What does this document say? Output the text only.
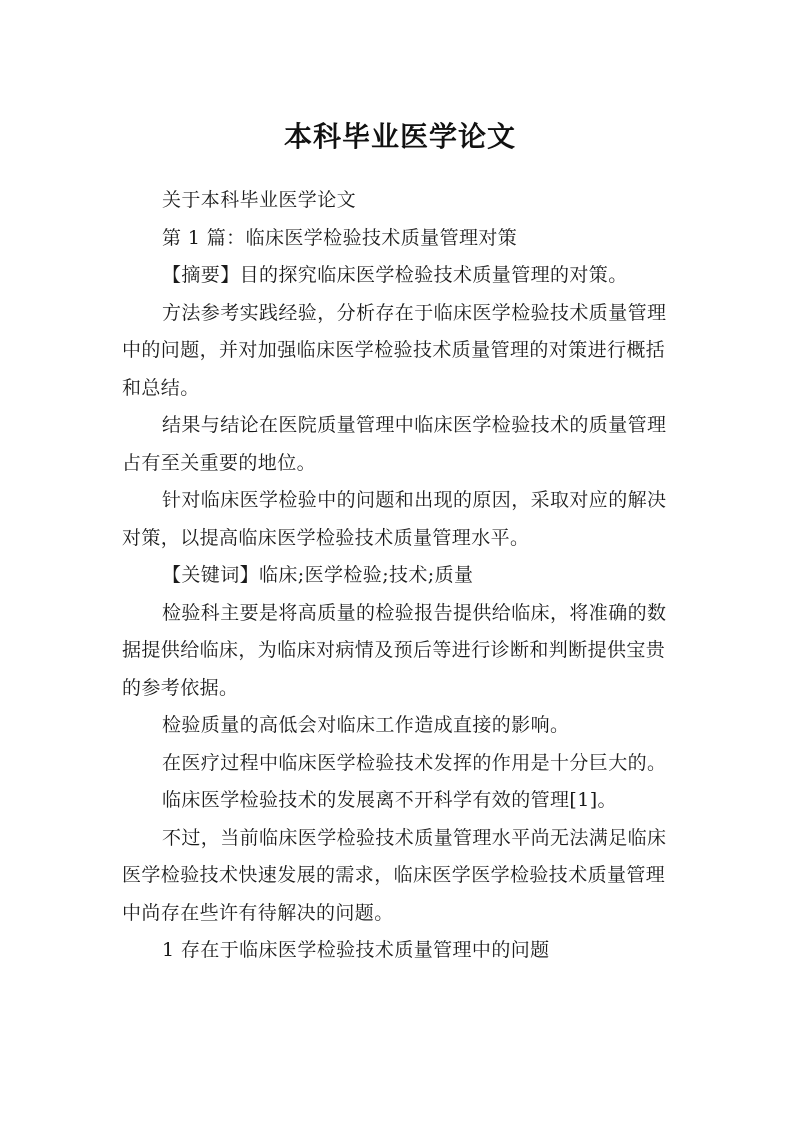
本科毕业医学论文

关于本科毕业医学论文

第 1 篇：临床医学检验技术质量管理对策

【摘要】目的探究临床医学检验技术质量管理的对策。

方法参考实践经验，分析存在于临床医学检验技术质量管理中的问题，并对加强临床医学检验技术质量管理的对策进行概括和总结。

结果与结论在医院质量管理中临床医学检验技术的质量管理占有至关重要的地位。

针对临床医学检验中的问题和出现的原因，采取对应的解决对策，以提高临床医学检验技术质量管理水平。

【关键词】临床;医学检验;技术;质量

检验科主要是将高质量的检验报告提供给临床，将准确的数据提供给临床，为临床对病情及预后等进行诊断和判断提供宝贵的参考依据。

检验质量的高低会对临床工作造成直接的影响。

在医疗过程中临床医学检验技术发挥的作用是十分巨大的。

临床医学检验技术的发展离不开科学有效的管理[1]。

不过，当前临床医学检验技术质量管理水平尚无法满足临床医学检验技术快速发展的需求，临床医学医学检验技术质量管理中尚存在些许有待解决的问题。

1 存在于临床医学检验技术质量管理中的问题
